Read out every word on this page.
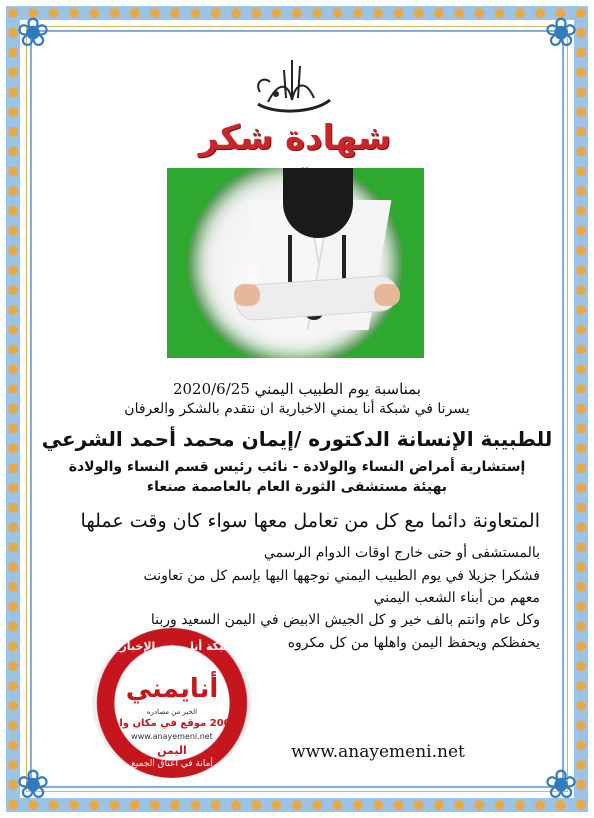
❀	❀
❀	❀
شهادة شكر
بمناسبة يوم الطبيب اليمني 2020/6/25
يسرنا في شبكة أنا يمني الاخبارية ان نتقدم بالشكر والعرفان
للطبيبة الإنسانة الدكتوره /إيمان محمد أحمد الشرعي
إستشارية أمراض النساء والولادة - نائب رئيس قسم النساء والولادة
بهيئة مستشفى الثورة العام بالعاصمة صنعاء
المتعاونة دائما مع كل من تعامل معها سواء كان وقت عملها
بالمستشفى أو حتى خارج اوقات الدوام الرسمي
فشكرا جزيلا في يوم الطبيب اليمني نوجهها اليها بإسم كل من تعاونت
معهم من أبناء الشعب اليمني
وكل عام وانتم بالف خير و كل الجيش الابيض في اليمن السعيد وربنا
يحفظكم ويحفظ اليمن واهلها من كل مكروه
شبكة أنا يمني الإخبارية
أنايمني
الخبر من مصادره
2000 موقع في مكان واحد
www.anayemeni.net
اليمن
أمانة في أعناق الجميع
www.anayemeni.net
